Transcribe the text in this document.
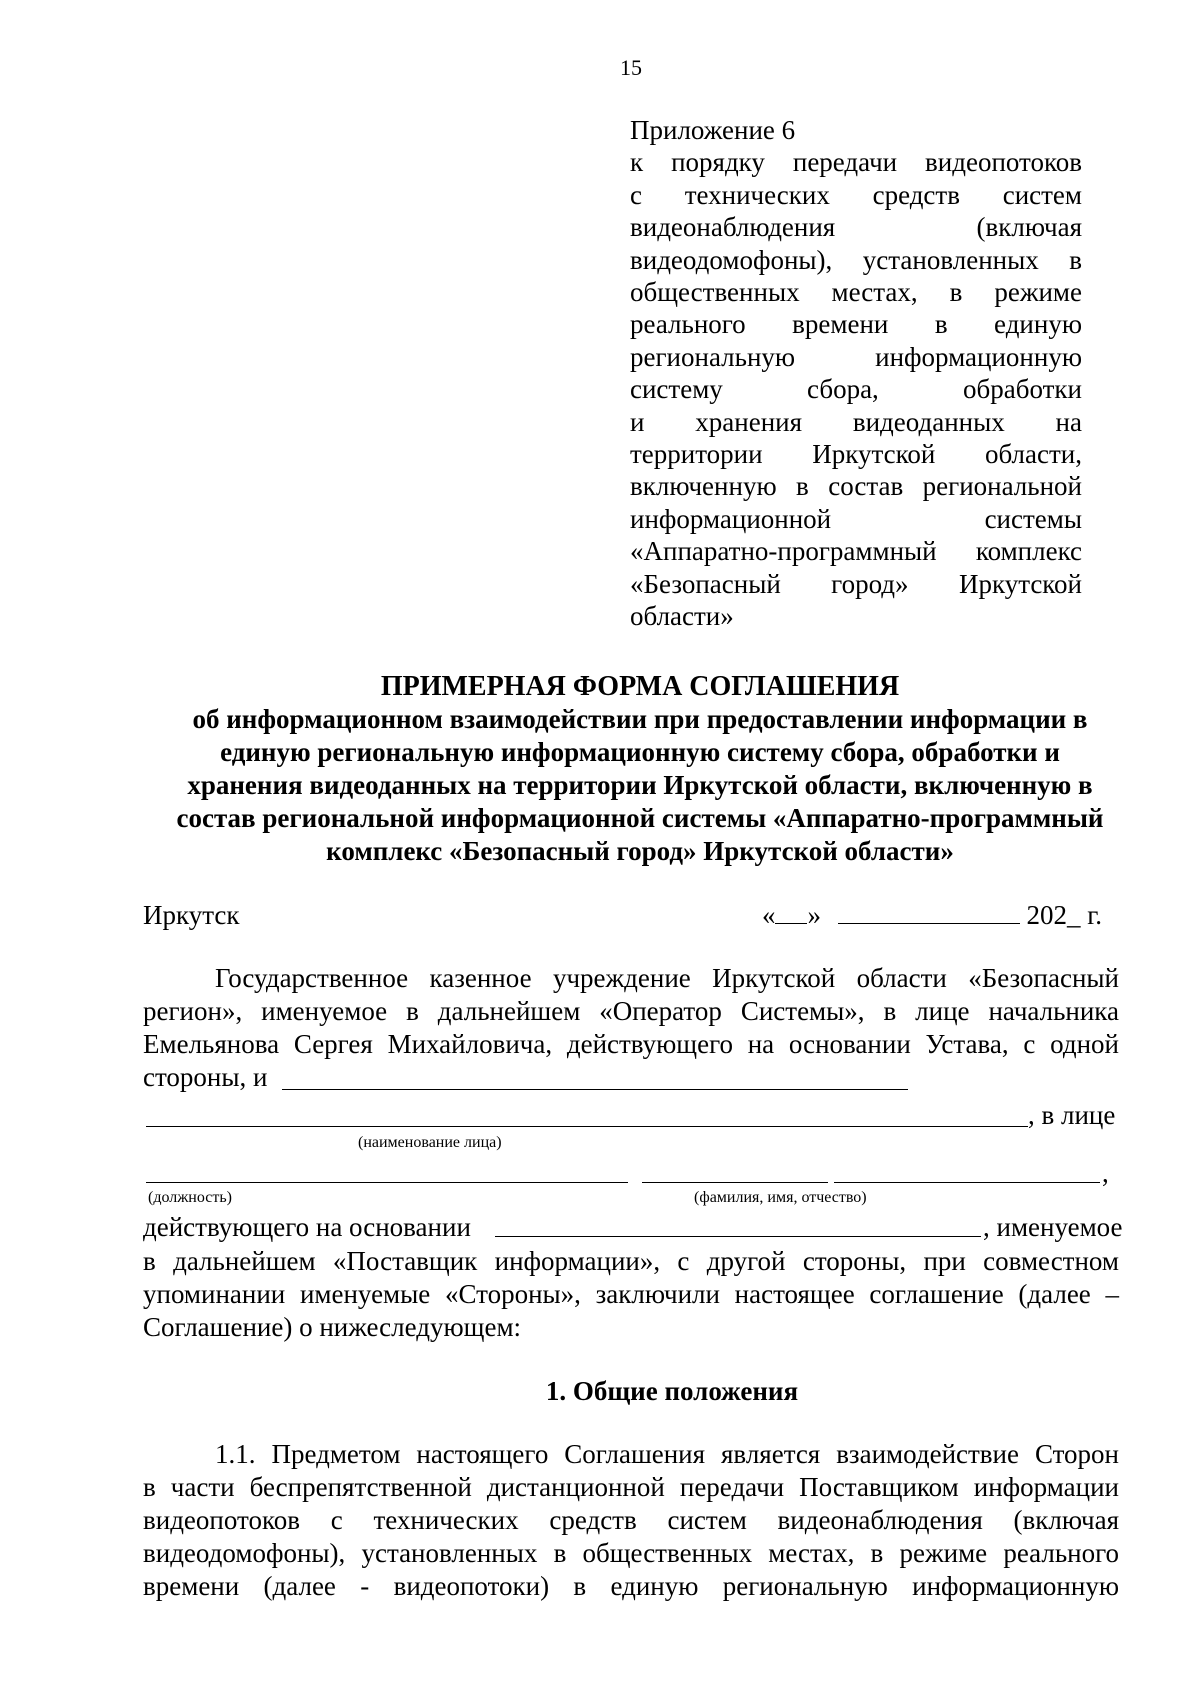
15
Приложение 6
к порядку передачи видеопотоков
с технических средств систем
видеонаблюдения (включая
видеодомофоны), установленных в
общественных местах, в режиме
реального времени в единую
региональную информационную
систему сбора, обработки
и хранения видеоданных на
территории Иркутской области,
включенную в состав региональной
информационной системы
«Аппаратно-программный комплекс
«Безопасный город» Иркутской
области»
ПРИМЕРНАЯ ФОРМА СОГЛАШЕНИЯ
об информационном взаимодействии при предоставлении информации в
единую региональную информационную систему сбора, обработки и
хранения видеоданных на территории Иркутской области, включенную в
состав региональной информационной системы «Аппаратно-программный
комплекс «Безопасный город» Иркутской области»
Иркутск	« »	202_ г.
Государственное казенное учреждение Иркутской области «Безопасный
регион», именуемое в дальнейшем «Оператор Системы», в лице начальника
Емельянова Сергея Михайловича, действующего на основании Устава, с одной
стороны, и
, в лице
(наименование лица)
,
(должность)	(фамилия, имя, отчество)
действующего на основании	, именуемое
в дальнейшем «Поставщик информации», с другой стороны, при совместном
упоминании именуемые «Стороны», заключили настоящее соглашение (далее –
Соглашение) о нижеследующем:
1. Общие положения
1.1. Предметом настоящего Соглашения является взаимодействие Сторон
в части беспрепятственной дистанционной передачи Поставщиком информации
видеопотоков с технических средств систем видеонаблюдения (включая
видеодомофоны), установленных в общественных местах, в режиме реального
времени (далее - видеопотоки) в единую региональную информационную
